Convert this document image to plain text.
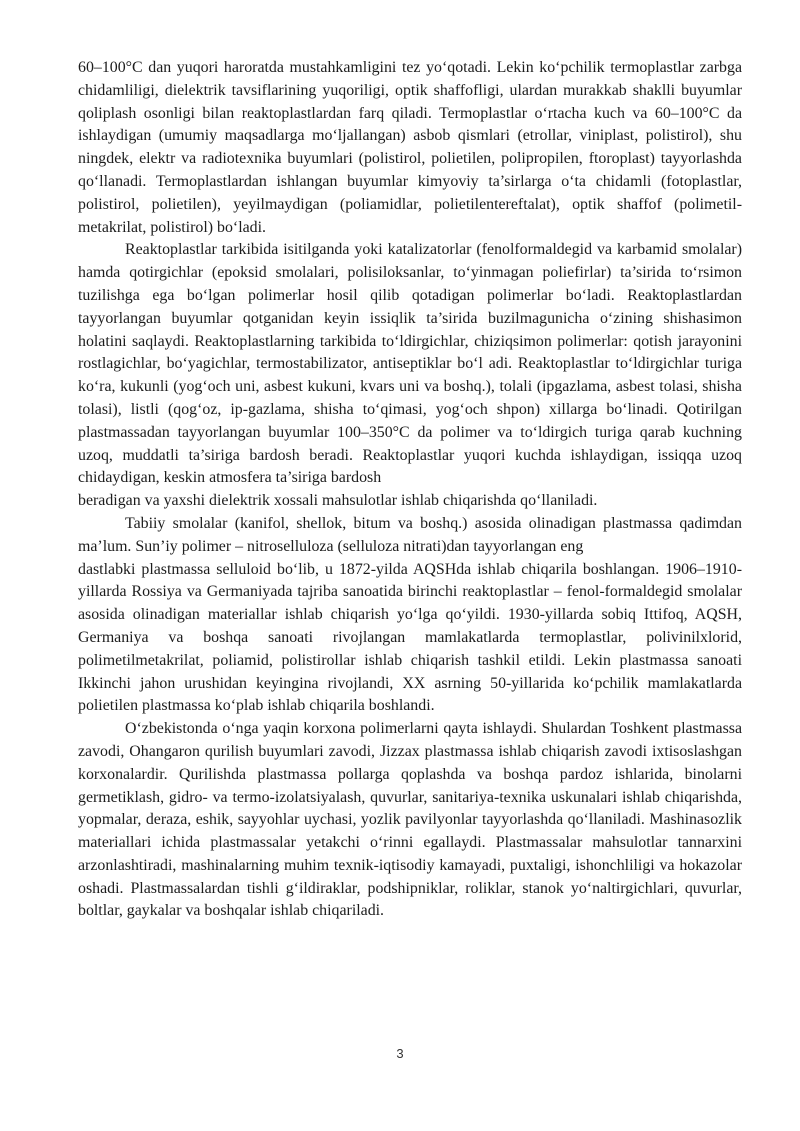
60–100°C dan yuqori haroratda mustahkamligini tez yo‘qotadi. Lekin ko‘pchilik termoplastlar zarbga chidamliligi, dielektrik tavsiflarining yuqoriligi, optik shaffofligi, ulardan murakkab shaklli buyumlar qoliplash osonligi bilan reaktoplastlardan farq qiladi. Termoplastlar o‘rtacha kuch va 60–100°C da ishlaydigan (umumiy maqsadlarga mo‘ljallangan) asbob qismlari (etrollar, viniplast, polistirol), shu ningdek, elektr va radiotexnika buyumlari (polistirol, polietilen, polipropilen, ftoroplast) tayyorlashda qo‘llanadi. Termoplastlardan ishlangan buyumlar kimyoviy ta’sirlarga o‘ta chidamli (fotoplastlar, polistirol, polietilen), yeyilmaydigan (poliamidlar, polietilentereftalat), optik shaffof (polimetil-metakrilat, polistirol) bo‘ladi.

Reaktoplastlar tarkibida isitilganda yoki katalizatorlar (fenolformaldegid va karbamid smolalar) hamda qotirgichlar (epoksid smolalari, polisiloksanlar, to‘yinmagan poliefirlar) ta’sirida to‘rsimon tuzilishga ega bo‘lgan polimerlar hosil qilib qotadigan polimerlar bo‘ladi. Reaktoplastlardan tayyorlangan buyumlar qotganidan keyin issiqlik ta’sirida buzilmagunicha o‘zining shishasimon holatini saqlaydi. Reaktoplastlarning tarkibida to‘ldirgichlar, chiziqsimon polimerlar: qotish jarayonini rostlagichlar, bo‘yagichlar, termostabilizator, antiseptiklar bo‘l adi. Reaktoplastlar to‘ldirgichlar turiga ko‘ra, kukunli (yog‘och uni, asbest kukuni, kvars uni va boshq.), tolali (ipgazlama, asbest tolasi, shisha tolasi), listli (qog‘oz, ip-gazlama, shisha to‘qimasi, yog‘och shpon) xillarga bo‘linadi. Qotirilgan plastmassadan tayyorlangan buyumlar 100–350°C da polimer va to‘ldirgich turiga qarab kuchning uzoq, muddatli ta’siriga bardosh beradi. Reaktoplastlar yuqori kuchda ishlaydigan, issiqqa uzoq chidaydigan, keskin atmosfera ta’siriga bardosh

beradigan va yaxshi dielektrik xossali mahsulotlar ishlab chiqarishda qo‘llaniladi.

Tabiiy smolalar (kanifol, shellok, bitum va boshq.) asosida olinadigan plastmassa qadimdan ma’lum. Sun’iy polimer – nitroselluloza (selluloza nitrati)dan tayyorlangan eng

dastlabki plastmassa selluloid bo‘lib, u 1872-yilda AQSHda ishlab chiqarila boshlangan. 1906–1910-yillarda Rossiya va Germaniyada tajriba sanoatida birinchi reaktoplastlar – fenol-formaldegid smolalar asosida olinadigan materiallar ishlab chiqarish yo‘lga qo‘yildi. 1930-yillarda sobiq Ittifoq, AQSH, Germaniya va boshqa sanoati rivojlangan mamlakatlarda termoplastlar, polivinilxlorid, polimetilmetakrilat, poliamid, polistirollar ishlab chiqarish tashkil etildi. Lekin plastmassa sanoati Ikkinchi jahon urushidan keyingina rivojlandi, XX asrning 50-yillarida ko‘pchilik mamlakatlarda polietilen plastmassa ko‘plab ishlab chiqarila boshlandi.

O‘zbekistonda o‘nga yaqin korxona polimerlarni qayta ishlaydi. Shulardan Toshkent plastmassa zavodi, Ohangaron qurilish buyumlari zavodi, Jizzax plastmassa ishlab chiqarish zavodi ixtisoslashgan korxonalardir. Qurilishda plastmassa pollarga qoplashda va boshqa pardoz ishlarida, binolarni germetiklash, gidro- va termo-izolatsiyalash, quvurlar, sanitariya-texnika uskunalari ishlab chiqarishda, yopmalar, deraza, eshik, sayyohlar uychasi, yozlik pavilyonlar tayyorlashda qo‘llaniladi. Mashinasozlik materiallari ichida plastmassalar yetakchi o‘rinni egallaydi. Plastmassalar mahsulotlar tannarxini arzonlashtiradi, mashinalarning muhim texnik-iqtisodiy kamayadi, puxtaligi, ishonchliligi va hokazolar oshadi. Plastmassalardan tishli g‘ildiraklar, podshipniklar, roliklar, stanok yo‘naltirgichlari, quvurlar, boltlar, gaykalar va boshqalar ishlab chiqariladi.

3
